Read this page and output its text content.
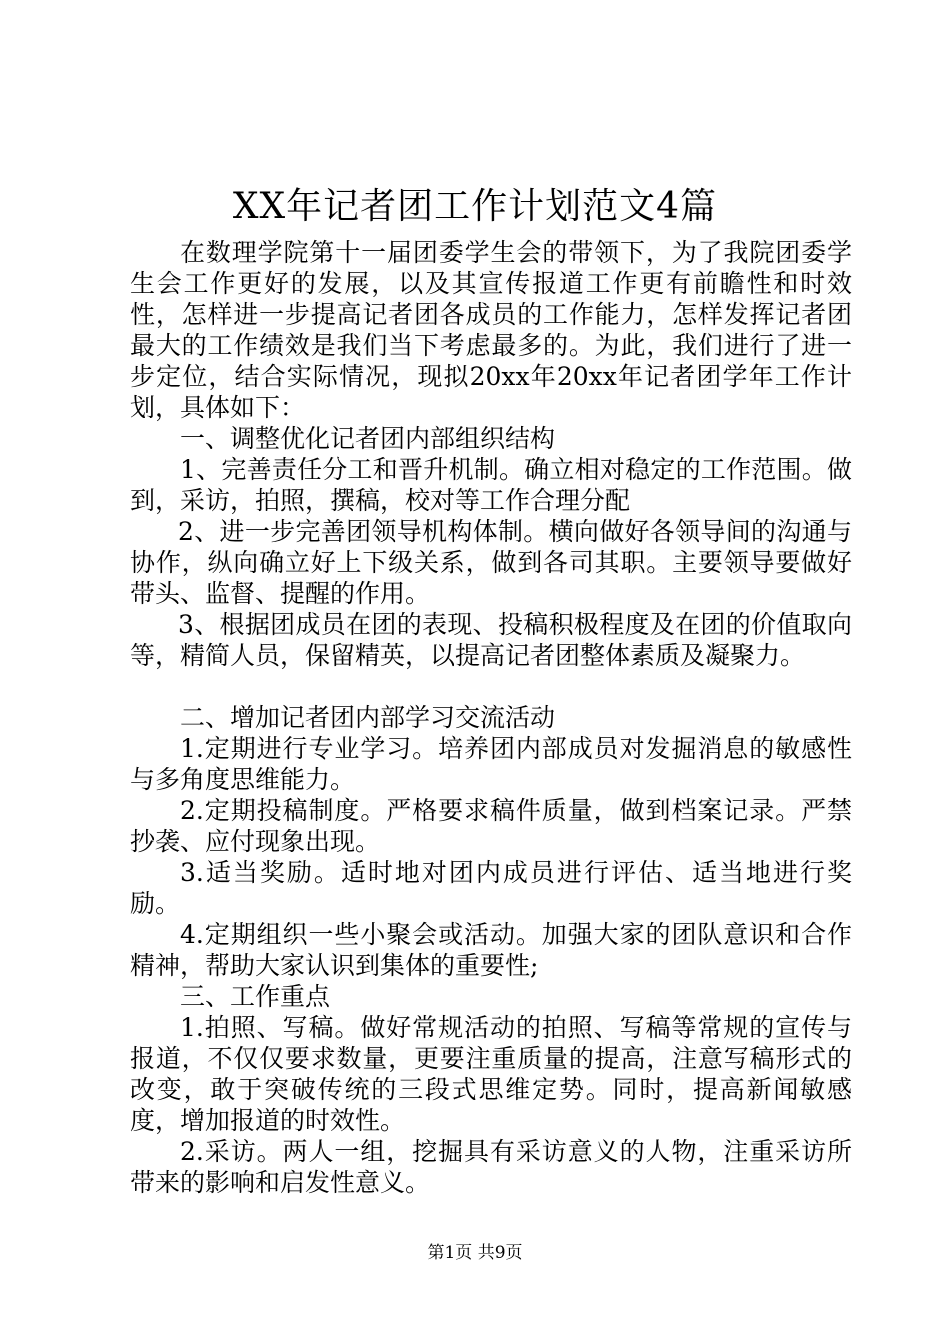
XX年记者团工作计划范文4篇

在数理学院第十一届团委学生会的带领下，为了我院团委学生会工作更好的发展，以及其宣传报道工作更有前瞻性和时效性，怎样进一步提高记者团各成员的工作能力，怎样发挥记者团最大的工作绩效是我们当下考虑最多的。为此，我们进行了进一步定位，结合实际情况，现拟20xx年20xx年记者团学年工作计划，具体如下：

一、调整优化记者团内部组织结构

1、完善责任分工和晋升机制。确立相对稳定的工作范围。做到，采访，拍照，撰稿，校对等工作合理分配

2、进一步完善团领导机构体制。横向做好各领导间的沟通与协作，纵向确立好上下级关系，做到各司其职。主要领导要做好带头、监督、提醒的作用。

3、根据团成员在团的表现、投稿积极程度及在团的价值取向等，精简人员，保留精英，以提高记者团整体素质及凝聚力。

二、增加记者团内部学习交流活动

1.定期进行专业学习。培养团内部成员对发掘消息的敏感性与多角度思维能力。

2.定期投稿制度。严格要求稿件质量，做到档案记录。严禁抄袭、应付现象出现。

3.适当奖励。适时地对团内成员进行评估、适当地进行奖励。

4.定期组织一些小聚会或活动。加强大家的团队意识和合作精神，帮助大家认识到集体的重要性;

三、工作重点

1.拍照、写稿。做好常规活动的拍照、写稿等常规的宣传与报道，不仅仅要求数量，更要注重质量的提高，注意写稿形式的改变，敢于突破传统的三段式思维定势。同时，提高新闻敏感度，增加报道的时效性。

2.采访。两人一组，挖掘具有采访意义的人物，注重采访所带来的影响和启发性意义。

第1页 共9页
